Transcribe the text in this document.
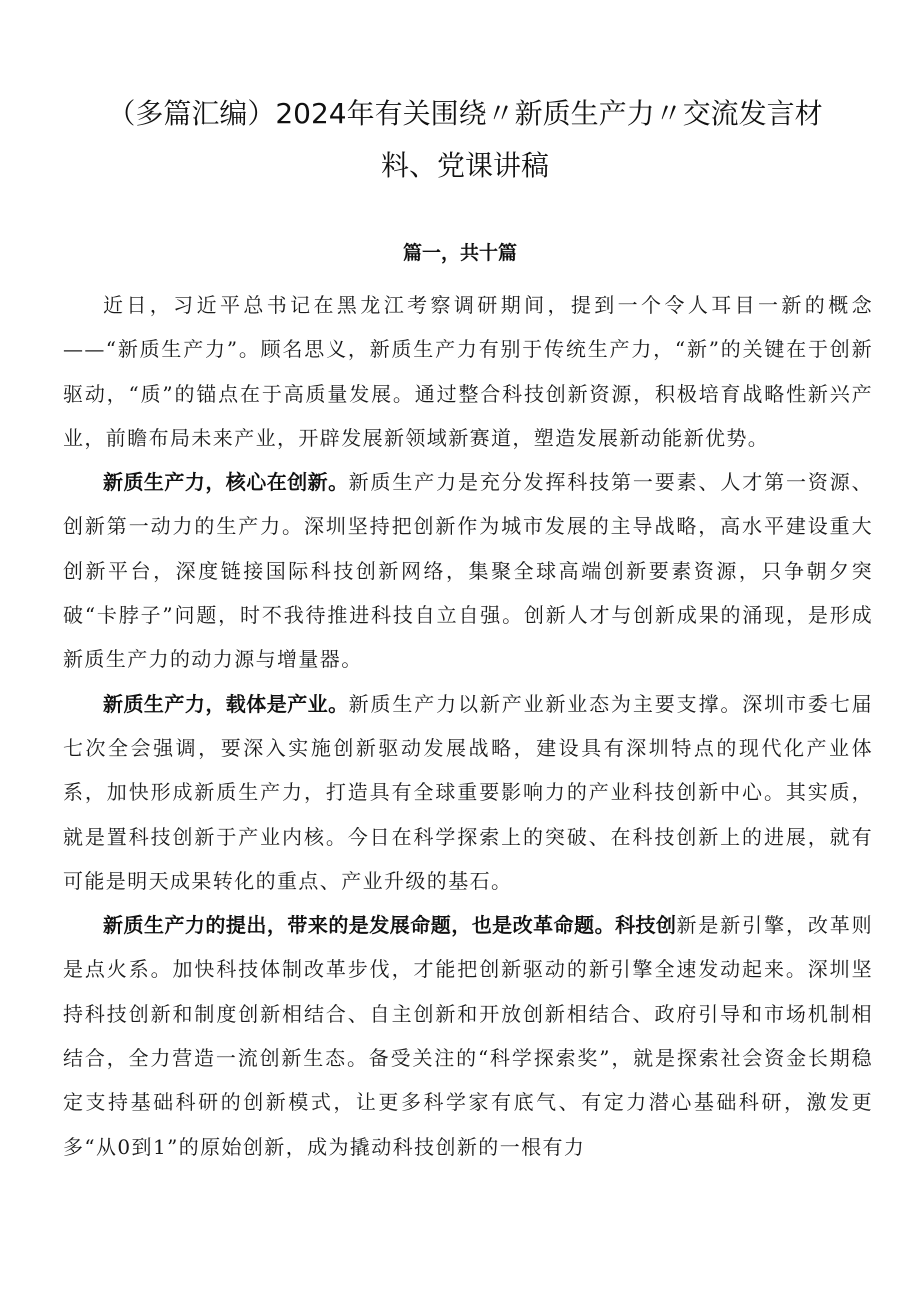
（多篇汇编）2024年有关围绕〃新质生产力〃交流发言材料、党课讲稿
篇一，共十篇

近日，习近平总书记在黑龙江考察调研期间，提到一个令人耳目一新的概念——“新质生产力”。顾名思义，新质生产力有别于传统生产力，“新”的关键在于创新驱动，“质”的锚点在于高质量发展。通过整合科技创新资源，积极培育战略性新兴产业，前瞻布局未来产业，开辟发展新领域新赛道，塑造发展新动能新优势。

新质生产力，核心在创新。新质生产力是充分发挥科技第一要素、人才第一资源、创新第一动力的生产力。深圳坚持把创新作为城市发展的主导战略，高水平建设重大创新平台，深度链接国际科技创新网络，集聚全球高端创新要素资源，只争朝夕突破“卡脖子”问题，时不我待推进科技自立自强。创新人才与创新成果的涌现，是形成新质生产力的动力源与增量器。

新质生产力，载体是产业。新质生产力以新产业新业态为主要支撑。深圳市委七届七次全会强调，要深入实施创新驱动发展战略，建设具有深圳特点的现代化产业体系，加快形成新质生产力，打造具有全球重要影响力的产业科技创新中心。其实质，就是置科技创新于产业内核。今日在科学探索上的突破、在科技创新上的进展，就有可能是明天成果转化的重点、产业升级的基石。

新质生产力的提出，带来的是发展命题，也是改革命题。科技创新是新引擎，改革则是点火系。加快科技体制改革步伐，才能把创新驱动的新引擎全速发动起来。深圳坚持科技创新和制度创新相结合、自主创新和开放创新相结合、政府引导和市场机制相结合，全力营造一流创新生态。备受关注的“科学探索奖”，就是探索社会资金长期稳定支持基础科研的创新模式，让更多科学家有底气、有定力潜心基础科研，激发更多“从0到1”的原始创新，成为撬动科技创新的一根有力
